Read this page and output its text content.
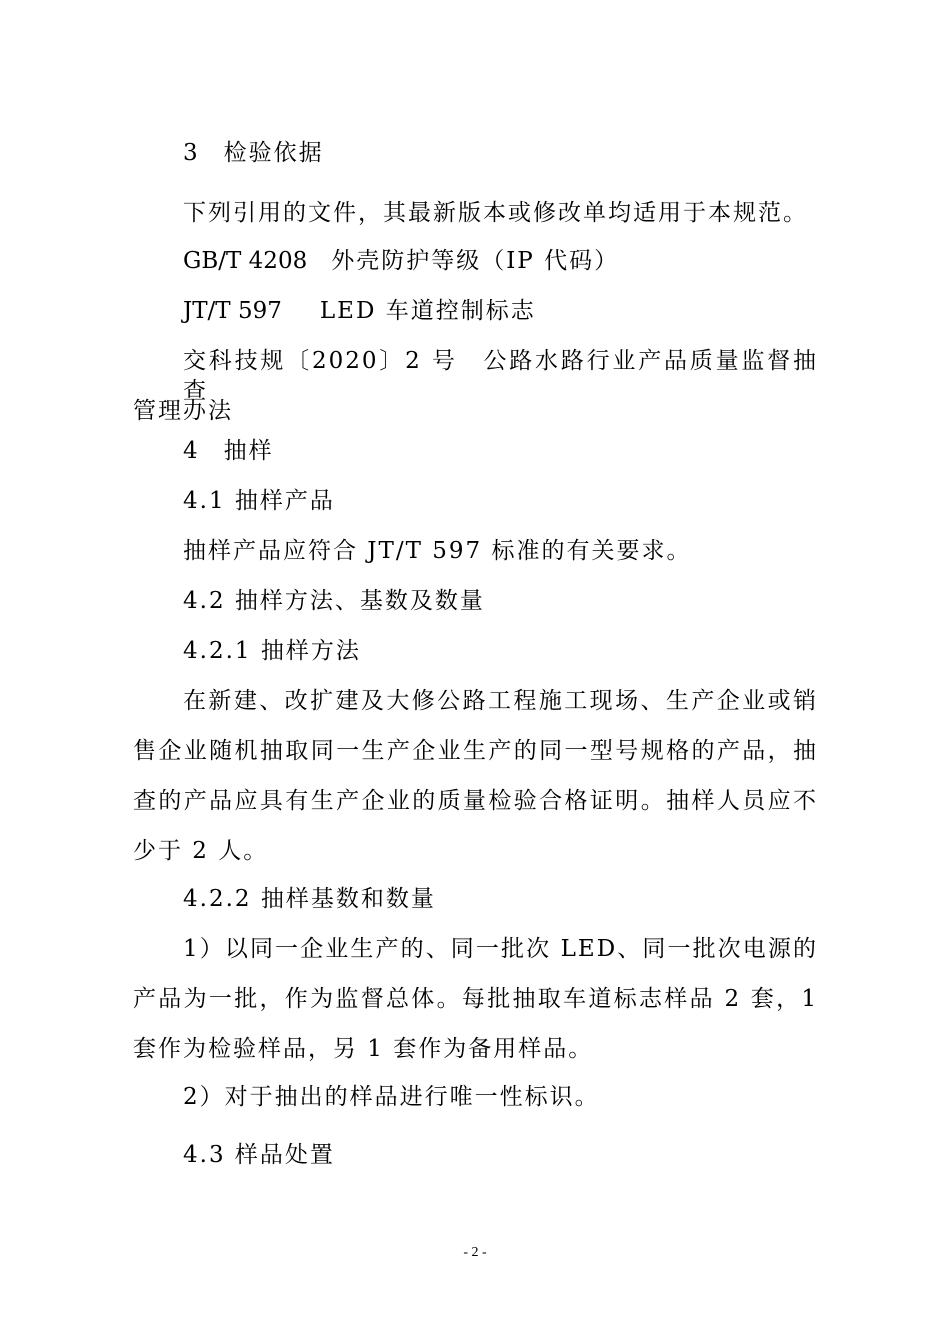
3 检验依据
下列引用的文件，其最新版本或修改单均适用于本规范。
GB/T 4208 外壳防护等级（IP 代码）
JT/T 597 LED 车道控制标志
交科技规〔2020〕2 号　公路水路行业产品质量监督抽查
管理办法
4 抽样
4.1 抽样产品
抽样产品应符合 JT/T 597 标准的有关要求。
4.2 抽样方法、基数及数量
4.2.1 抽样方法
在新建、改扩建及大修公路工程施工现场、生产企业或销
售企业随机抽取同一生产企业生产的同一型号规格的产品，抽
查的产品应具有生产企业的质量检验合格证明。抽样人员应不
少于 2 人。
4.2.2 抽样基数和数量
1）以同一企业生产的、同一批次 LED、同一批次电源的
产品为一批，作为监督总体。每批抽取车道标志样品 2 套，1
套作为检验样品，另 1 套作为备用样品。
2）对于抽出的样品进行唯一性标识。
4.3 样品处置
- 2 -
